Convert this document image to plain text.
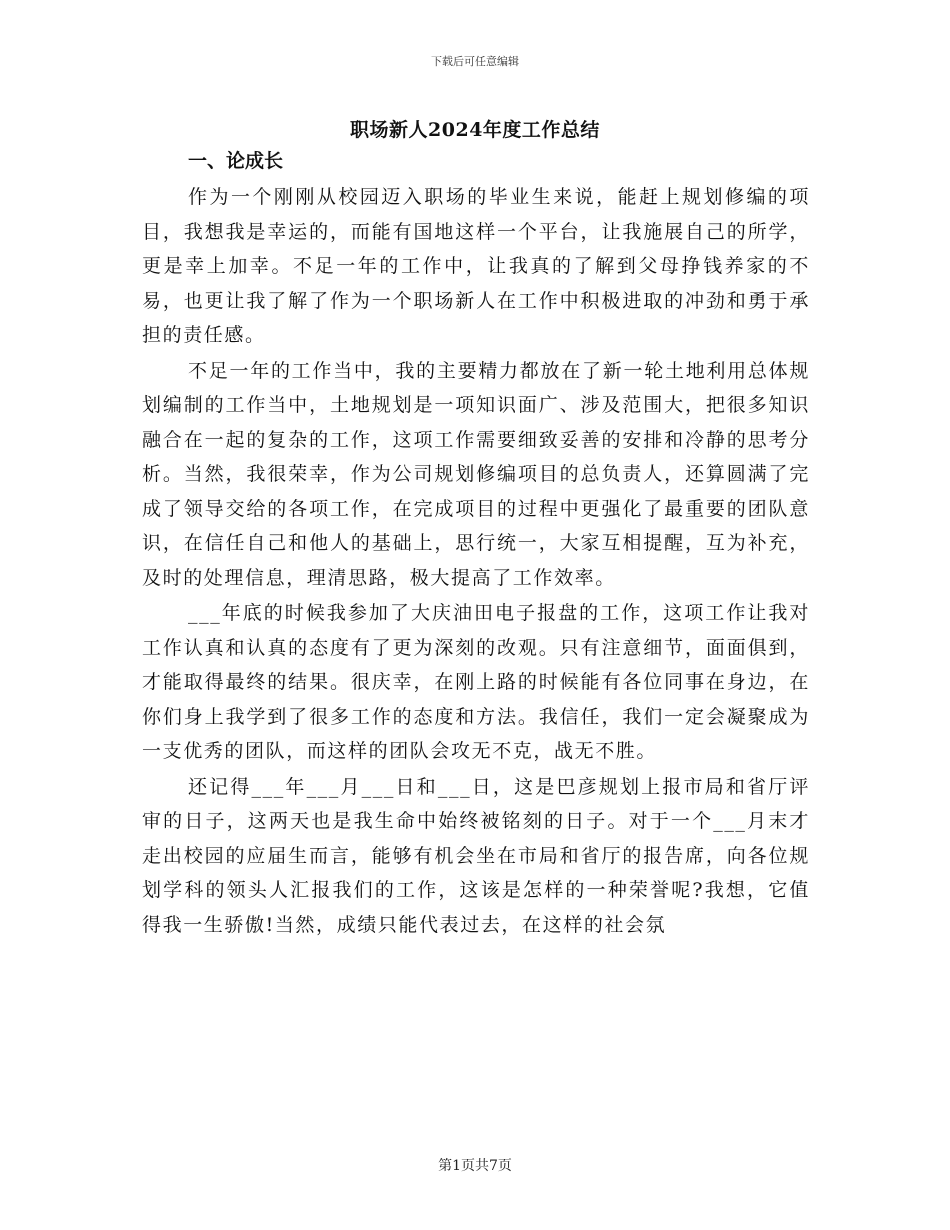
下载后可任意编辑
职场新人2024年度工作总结
一、论成长

作为一个刚刚从校园迈入职场的毕业生来说，能赶上规划修编的项目，我想我是幸运的，而能有国地这样一个平台，让我施展自己的所学，更是幸上加幸。不足一年的工作中，让我真的了解到父母挣钱养家的不易，也更让我了解了作为一个职场新人在工作中积极进取的冲劲和勇于承担的责任感。

不足一年的工作当中，我的主要精力都放在了新一轮土地利用总体规划编制的工作当中，土地规划是一项知识面广、涉及范围大，把很多知识融合在一起的复杂的工作，这项工作需要细致妥善的安排和冷静的思考分析。当然，我很荣幸，作为公司规划修编项目的总负责人，还算圆满了完成了领导交给的各项工作，在完成项目的过程中更强化了最重要的团队意识，在信任自己和他人的基础上，思行统一，大家互相提醒，互为补充，及时的处理信息，理清思路，极大提高了工作效率。

___年底的时候我参加了大庆油田电子报盘的工作，这项工作让我对工作认真和认真的态度有了更为深刻的改观。只有注意细节，面面俱到，才能取得最终的结果。很庆幸，在刚上路的时候能有各位同事在身边，在你们身上我学到了很多工作的态度和方法。我信任，我们一定会凝聚成为一支优秀的团队，而这样的团队会攻无不克，战无不胜。

还记得___年___月___日和___日，这是巴彦规划上报市局和省厅评审的日子，这两天也是我生命中始终被铭刻的日子。对于一个___月末才走出校园的应届生而言，能够有机会坐在市局和省厅的报告席，向各位规划学科的领头人汇报我们的工作，这该是怎样的一种荣誉呢?我想，它值得我一生骄傲!当然，成绩只能代表过去，在这样的社会氛

第1页共7页
